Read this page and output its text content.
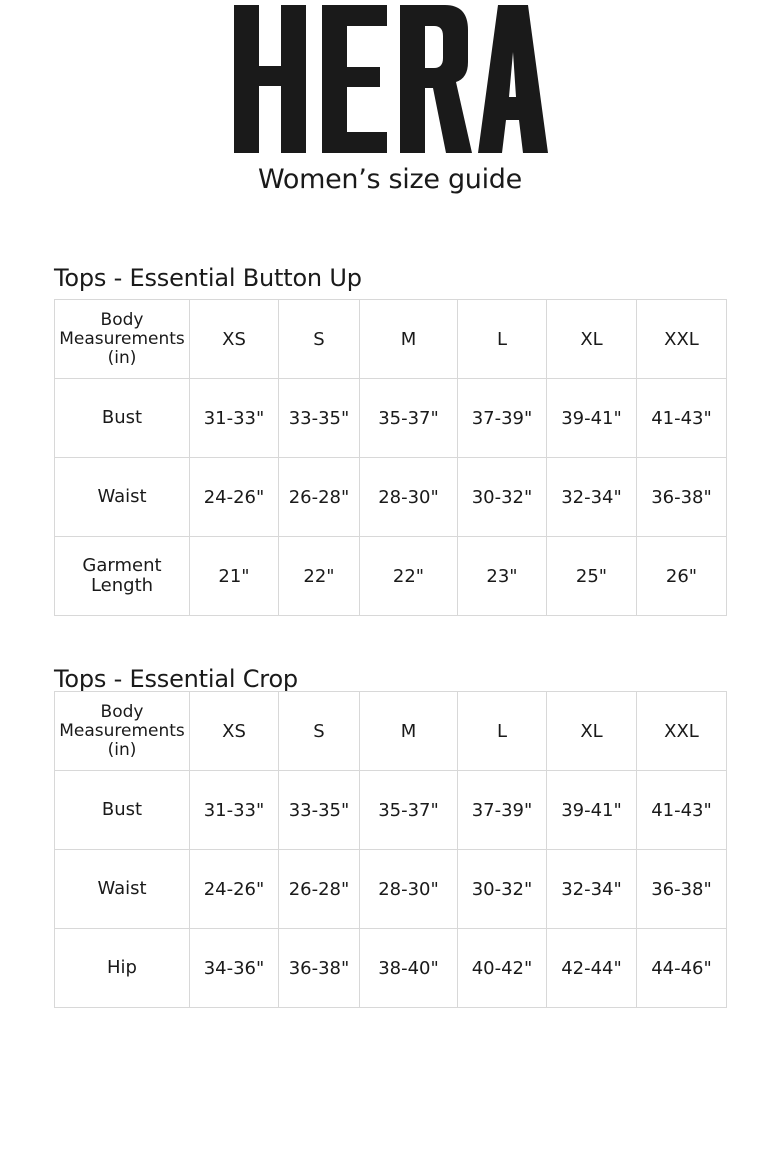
Women’s size guide
Tops - Essential Button Up
Body
Measurements
(in)	XS	S	M	L	XL	XXL

Bust	31-33"	33-35"	35-37"	37-39"	39-41"	41-43"

Waist	24-26"	26-28"	28-30"	30-32"	32-34"	36-38"

Garment
Length	21"	22"	22"	23"	25"	26"
Tops - Essential Crop
Body
Measurements
(in)	XS	S	M	L	XL	XXL

Bust	31-33"	33-35"	35-37"	37-39"	39-41"	41-43"

Waist	24-26"	26-28"	28-30"	30-32"	32-34"	36-38"

Hip	34-36"	36-38"	38-40"	40-42"	42-44"	44-46"
